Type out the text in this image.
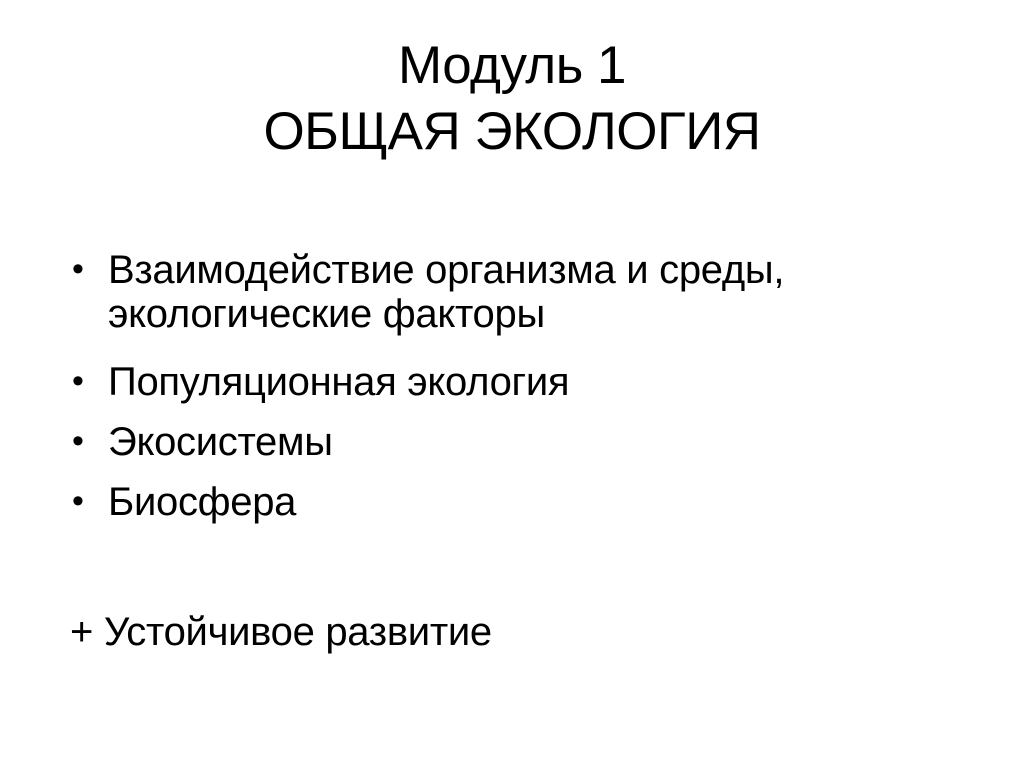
Модуль 1
ОБЩАЯ ЭКОЛОГИЯ
• Взаимодействие организма и среды, экологические факторы
• Популяционная экология
• Экосистемы
• Биосфера

+ Устойчивое развитие
